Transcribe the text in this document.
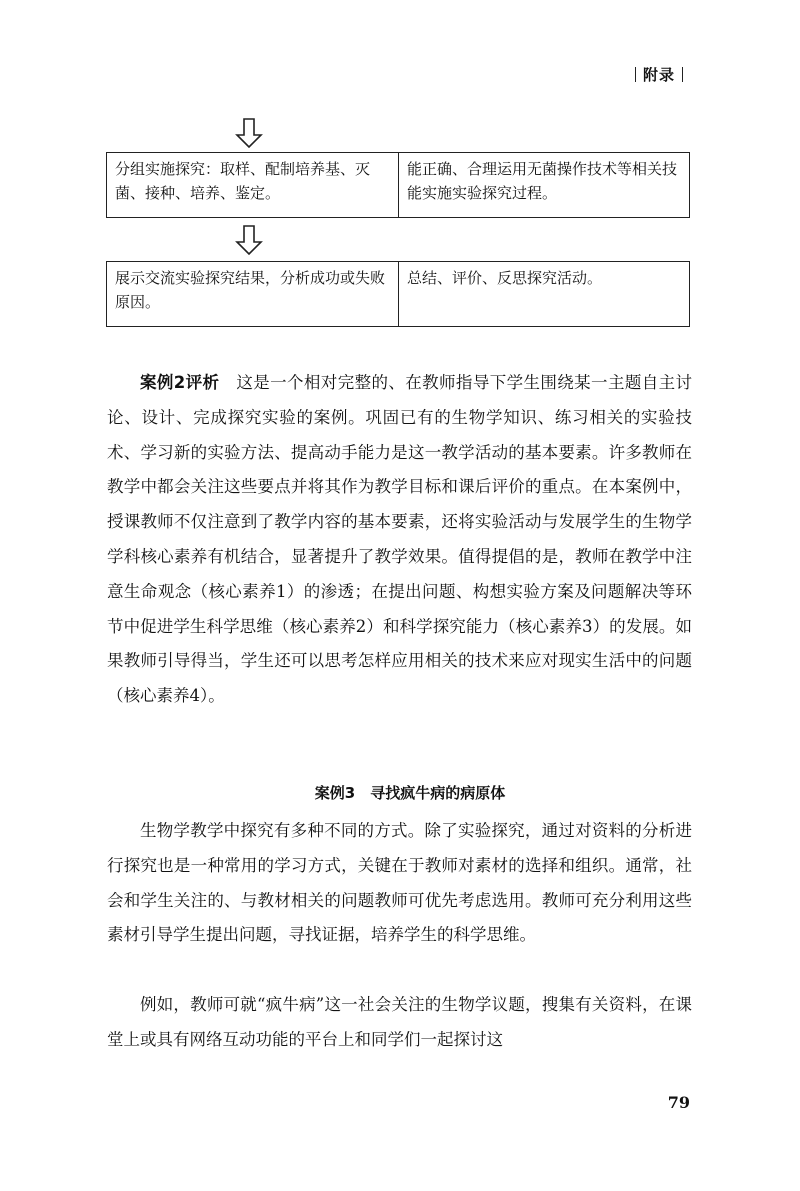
附录
分组实施探究：取样、配制培养基、灭菌、接种、培养、鉴定。
能正确、合理运用无菌操作技术等相关技能实施实验探究过程。
展示交流实验探究结果，分析成功或失败原因。
总结、评价、反思探究活动。

案例2评析　 这是一个相对完整的、在教师指导下学生围绕某一主题自主讨论、设计、完成探究实验的案例。巩固已有的生物学知识、练习相关的实验技术、学习新的实验方法、提高动手能力是这一教学活动的基本要素。许多教师在教学中都会关注这些要点并将其作为教学目标和课后评价的重点。在本案例中，授课教师不仅注意到了教学内容的基本要素，还将实验活动与发展学生的生物学学科核心素养有机结合，显著提升了教学效果。值得提倡的是，教师在教学中注意生命观念（核心素养1）的渗透；在提出问题、构想实验方案及问题解决等环节中促进学生科学思维（核心素养2）和科学探究能力（核心素养3）的发展。如果教师引导得当，学生还可以思考怎样应用相关的技术来应对现实生活中的问题（核心素养4）。

案例3　寻找疯牛病的病原体

生物学教学中探究有多种不同的方式。除了实验探究，通过对资料的分析进行探究也是一种常用的学习方式，关键在于教师对素材的选择和组织。通常，社会和学生关注的、与教材相关的问题教师可优先考虑选用。教师可充分利用这些素材引导学生提出问题，寻找证据，培养学生的科学思维。

例如，教师可就“疯牛病”这一社会关注的生物学议题，搜集有关资料，在课堂上或具有网络互动功能的平台上和同学们一起探讨这

79
